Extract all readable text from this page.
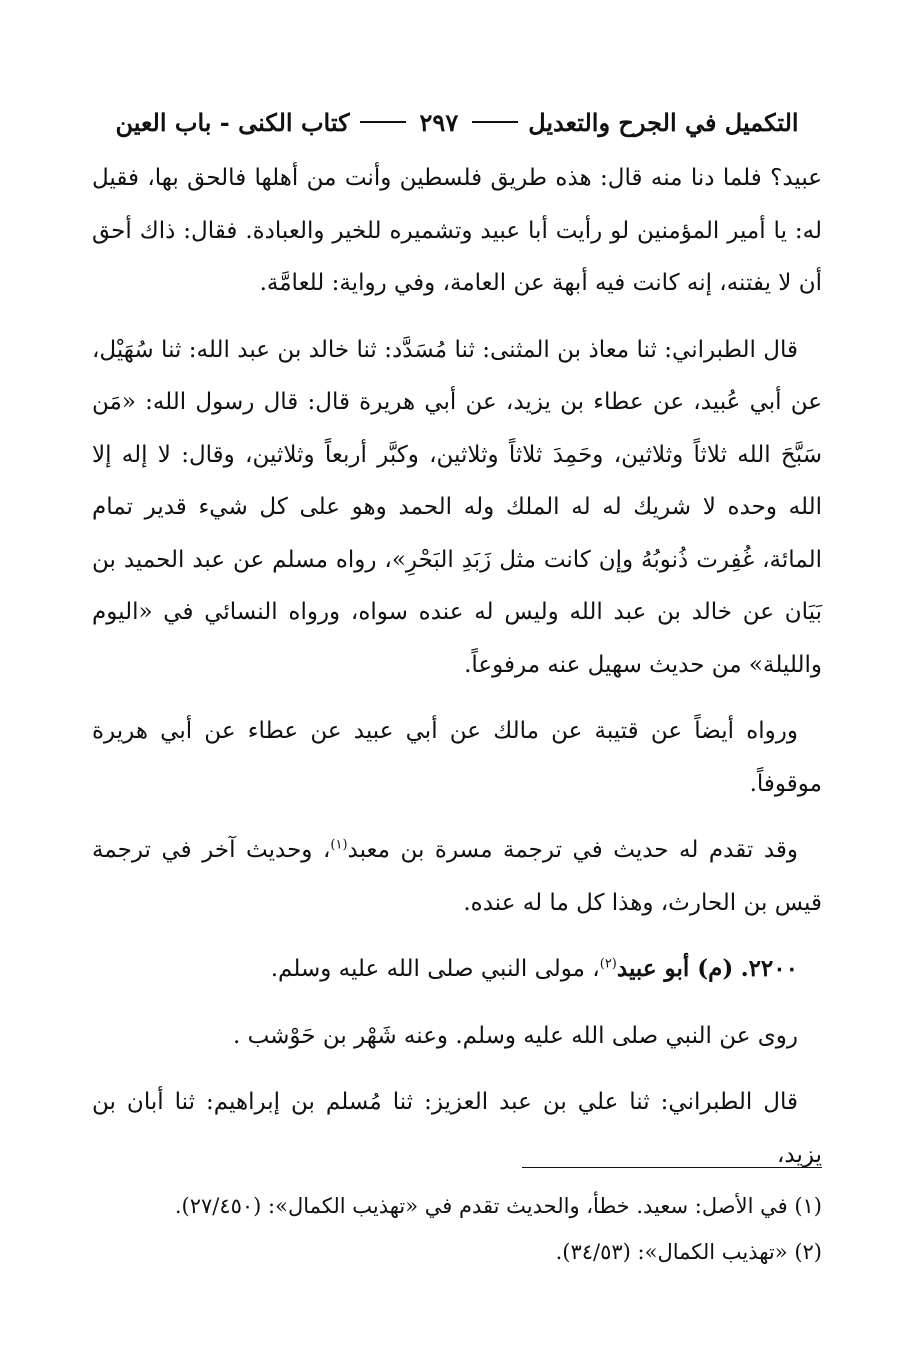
التكميل في الجرح والتعديل
٢٩٧
كتاب الكنى - باب العين

عبيد؟ فلما دنا منه قال: هذه طريق فلسطين وأنت من أهلها فالحق بها، فقيل له: يا أمير المؤمنين لو رأيت أبا عبيد وتشميره للخير والعبادة. فقال: ذاك أحق أن لا يفتنه، إنه كانت فيه أبهة عن العامة، وفي رواية: للعامَّة.

قال الطبراني: ثنا معاذ بن المثنى: ثنا مُسَدَّد: ثنا خالد بن عبد الله: ثنا سُهَيْل، عن أبي عُبيد، عن عطاء بن يزيد، عن أبي هريرة قال: قال رسول الله: «مَن سَبَّحَ الله ثلاثاً وثلاثين، وحَمِدَ ثلاثاً وثلاثين، وكبَّر أربعاً وثلاثين، وقال: لا إله إلا الله وحده لا شريك له له الملك وله الحمد وهو على كل شيء قدير تمام المائة، غُفِرت ذُنوبُهُ وإن كانت مثل زَبَدِ البَحْرِ»، رواه مسلم عن عبد الحميد بن بَيَان عن خالد بن عبد الله وليس له عنده سواه، ورواه النسائي في «اليوم والليلة» من حديث سهيل عنه مرفوعاً.

ورواه أيضاً عن قتيبة عن مالك عن أبي عبيد عن عطاء عن أبي هريرة موقوفاً.

وقد تقدم له حديث في ترجمة مسرة بن معبد$^{(١)}$، وحديث آخر في ترجمة قيس بن الحارث، وهذا كل ما له عنده.

٢٢٠٠. (م) أبو عبيد$^{(٢)}$، مولى النبي صلى الله عليه وسلم.

روى عن النبي صلى الله عليه وسلم. وعنه شَهْر بن حَوْشب .

قال الطبراني: ثنا علي بن عبد العزيز: ثنا مُسلم بن إبراهيم: ثنا أبان بن يزيد،

(١) في الأصل: سعيد. خطأ، والحديث تقدم في «تهذيب الكمال»: (٢٧/٤٥٠).

(٢) «تهذيب الكمال»: (٣٤/٥٣).
